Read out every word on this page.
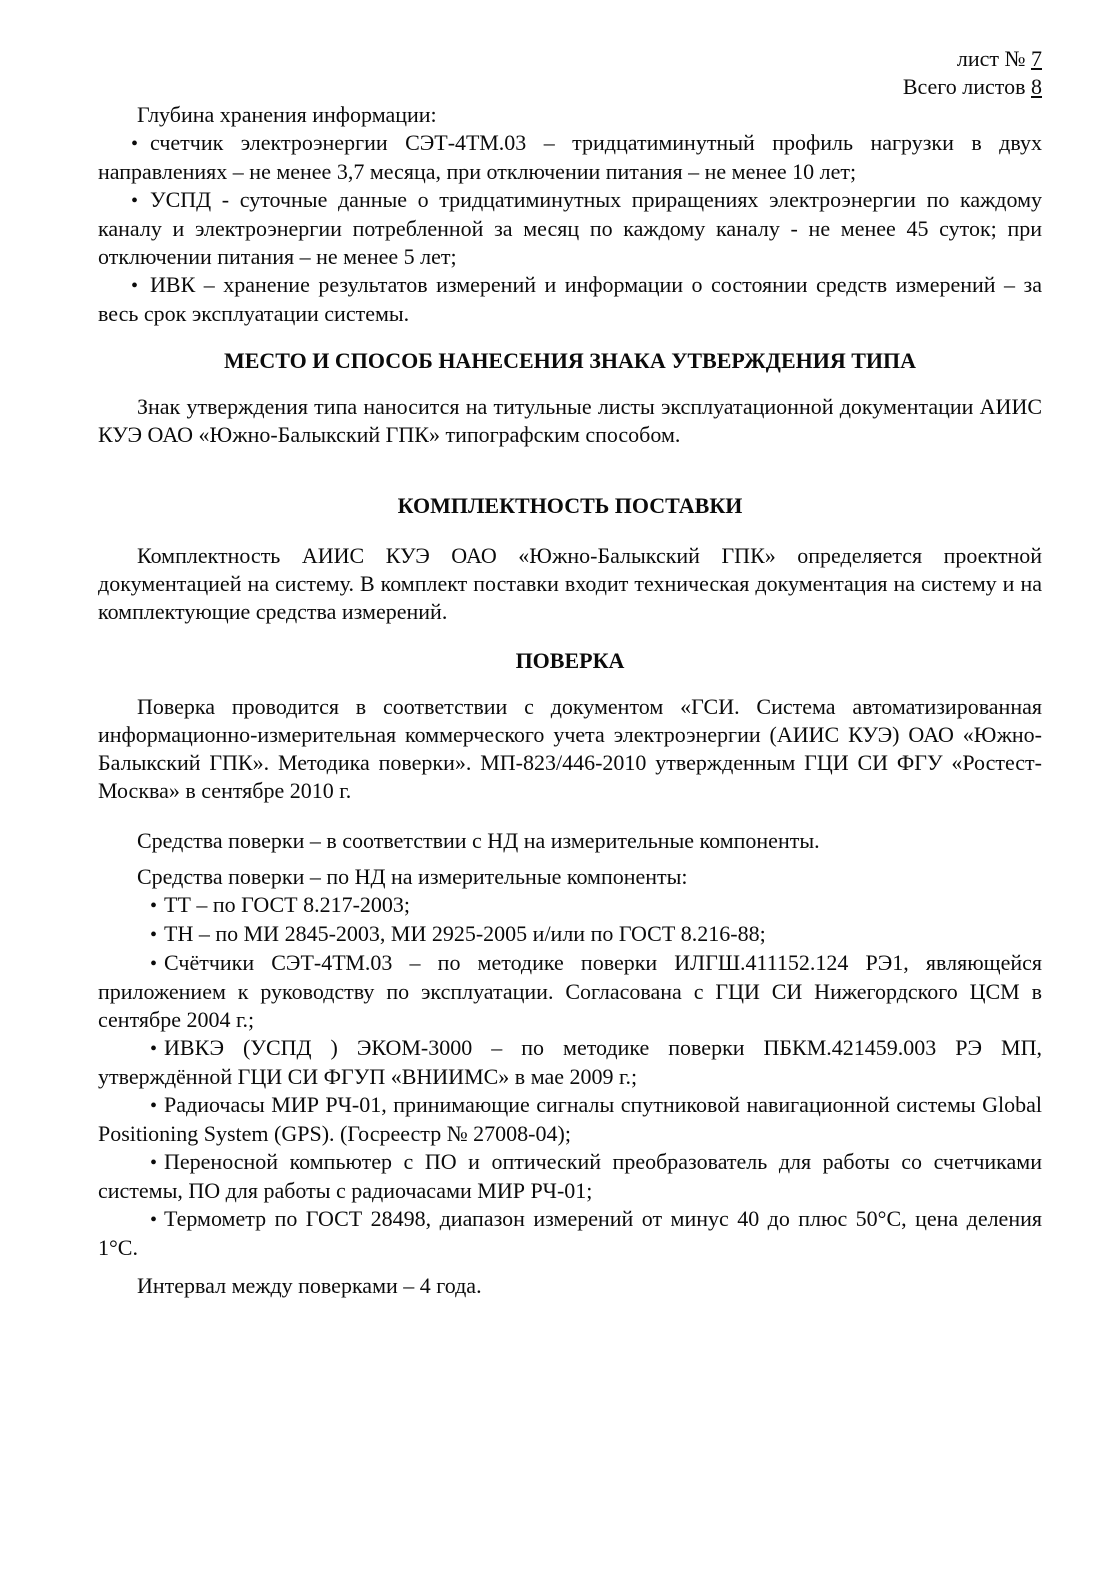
лист № 7
Всего листов 8

Глубина хранения информации:

• счетчик электроэнергии СЭТ-4ТМ.03 – тридцатиминутный профиль нагрузки в двух направлениях – не менее 3,7 месяца, при отключении питания – не менее 10 лет;

• УСПД - суточные данные о тридцатиминутных приращениях электроэнергии по каждому каналу и электроэнергии потребленной за месяц по каждому каналу - не менее 45 суток; при отключении питания – не менее 5 лет;

• ИВК – хранение результатов измерений и информации о состоянии средств измерений – за весь срок эксплуатации системы.

МЕСТО И СПОСОБ НАНЕСЕНИЯ ЗНАКА УТВЕРЖДЕНИЯ ТИПА

Знак утверждения типа наносится на титульные листы эксплуатационной документации АИИС КУЭ ОАО «Южно-Балыкский ГПК» типографским способом.

КОМПЛЕКТНОСТЬ ПОСТАВКИ

Комплектность АИИС КУЭ ОАО «Южно-Балыкский ГПК» определяется проектной документацией на систему. В комплект поставки входит техническая документация на систему и на комплектующие средства измерений.

ПОВЕРКА

Поверка проводится в соответствии с документом «ГСИ. Система автоматизированная информационно-измерительная коммерческого учета электроэнергии (АИИС КУЭ) ОАО «Южно-Балыкский ГПК». Методика поверки». МП-823/446-2010 утвержденным ГЦИ СИ ФГУ «Ростест-Москва» в сентябре 2010 г.

Средства поверки – в соответствии с НД на измерительные компоненты.

Средства поверки – по НД на измерительные компоненты:

• ТТ – по ГОСТ 8.217-2003;

• ТН – по МИ 2845-2003, МИ 2925-2005 и/или по ГОСТ 8.216-88;

• Счётчики СЭТ-4ТМ.03 – по методике поверки ИЛГШ.411152.124 РЭ1, являющейся приложением к руководству по эксплуатации. Согласована с ГЦИ СИ Нижегордского ЦСМ в сентябре 2004 г.;

• ИВКЭ (УСПД ) ЭКОМ-3000 – по методике поверки ПБКМ.421459.003 РЭ МП, утверждённой ГЦИ СИ ФГУП «ВНИИМС» в мае 2009 г.;

• Радиочасы МИР РЧ-01, принимающие сигналы спутниковой навигационной системы Global Positioning System (GPS). (Госреестр № 27008-04);

• Переносной компьютер с ПО и оптический преобразователь для работы со счетчиками системы, ПО для работы с радиочасами МИР РЧ-01;

• Термометр по ГОСТ 28498, диапазон измерений от минус 40 до плюс 50°С, цена деления 1°С.

Интервал между поверками – 4 года.
